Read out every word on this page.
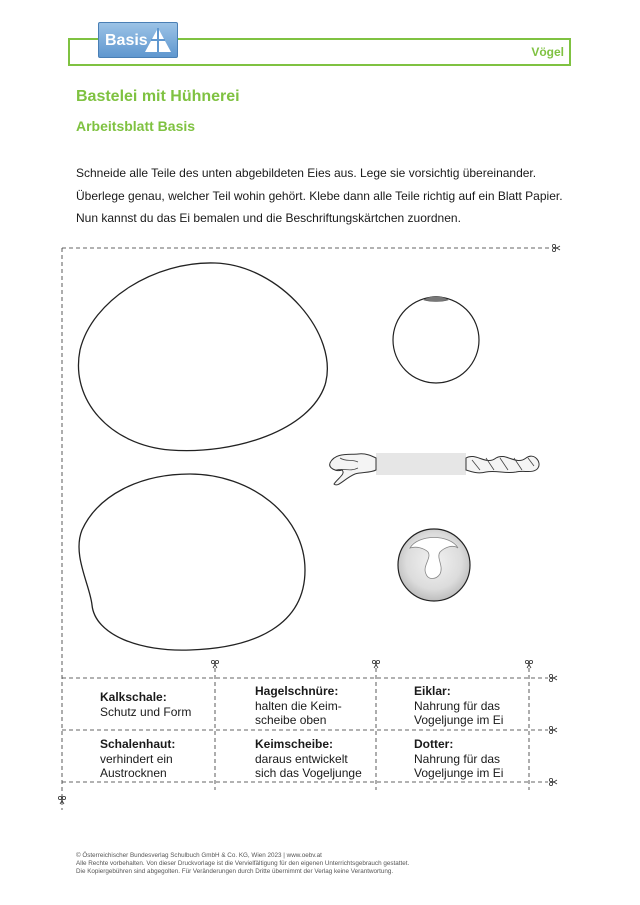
Basis
Vögel
Bastelei mit Hühnerei
Arbeitsblatt Basis
Schneide alle Teile des unten abgebildeten Eies aus. Lege sie vorsichtig übereinander.
Überlege genau, welcher Teil wohin gehört. Klebe dann alle Teile richtig auf ein Blatt Papier.
Nun kannst du das Ei bemalen und die Beschriftungskärtchen zuordnen.
Kalkschale:
Schutz und Form
Hagelschnüre:
halten die Keim-
scheibe oben
Eiklar:
Nahrung für das
Vogeljunge im Ei
Schalenhaut:
verhindert ein
Austrocknen
Keimscheibe:
daraus entwickelt
sich das Vogeljunge
Dotter:
Nahrung für das
Vogeljunge im Ei
© Österreichischer Bundesverlag Schulbuch GmbH & Co. KG, Wien 2023 | www.oebv.at
Alle Rechte vorbehalten. Von dieser Druckvorlage ist die Vervielfältigung für den eigenen Unterrichtsgebrauch gestattet.
Die Kopiergebühren sind abgegolten. Für Veränderungen durch Dritte übernimmt der Verlag keine Verantwortung.
